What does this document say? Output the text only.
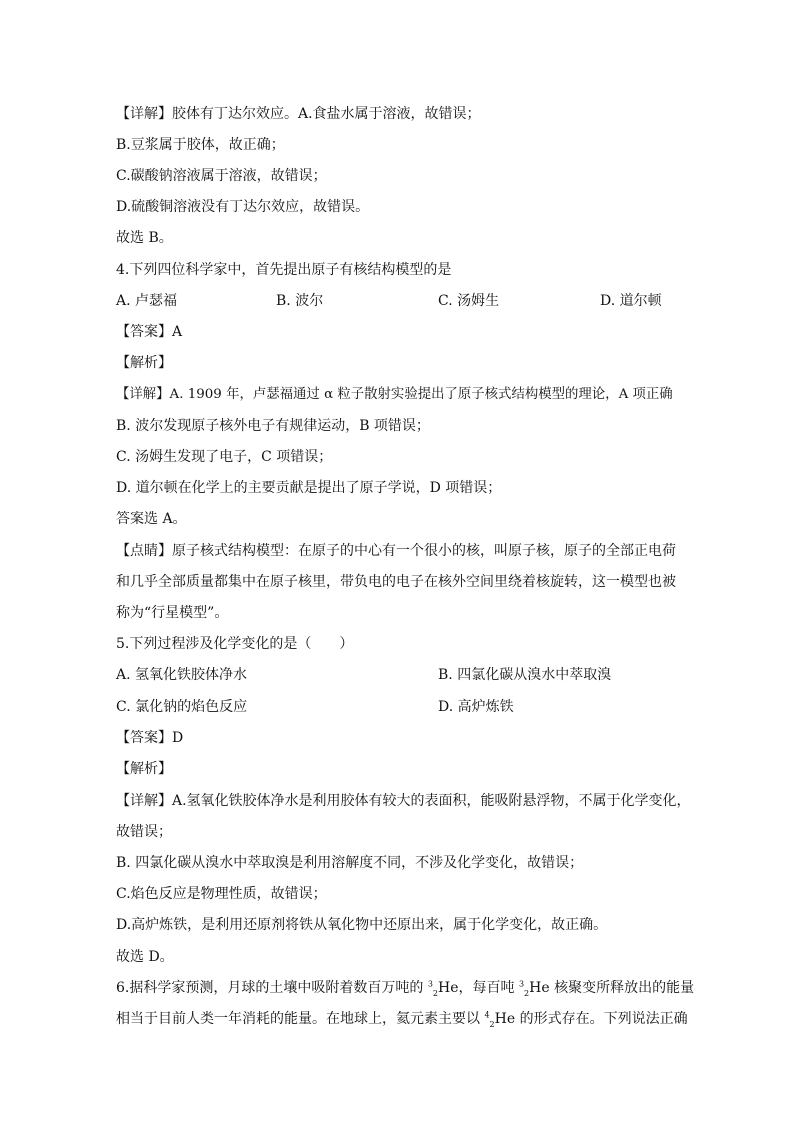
【详解】胶体有丁达尔效应。A.食盐水属于溶液，故错误；
B.豆浆属于胶体，故正确；
C.碳酸钠溶液属于溶液，故错误；
D.硫酸铜溶液没有丁达尔效应，故错误。
故选 B。
4.下列四位科学家中，首先提出原子有核结构模型的是
A. 卢瑟福	B. 波尔	C. 汤姆生	D. 道尔顿
【答案】A
【解析】
【详解】A. 1909 年，卢瑟福通过 α 粒子散射实验提出了原子核式结构模型的理论，A 项正确
B. 波尔发现原子核外电子有规律运动，B 项错误；
C. 汤姆生发现了电子，C 项错误；
D. 道尔顿在化学上的主要贡献是提出了原子学说，D 项错误；
答案选 A。
【点睛】原子核式结构模型：在原子的中心有一个很小的核，叫原子核，原子的全部正电荷
和几乎全部质量都集中在原子核里，带负电的电子在核外空间里绕着核旋转，这一模型也被
称为“行星模型”。
5.下列过程涉及化学变化的是（　　）
A. 氢氧化铁胶体净水	B. 四氯化碳从溴水中萃取溴
C. 氯化钠的焰色反应	D. 高炉炼铁
【答案】D
【解析】
【详解】A.氢氧化铁胶体净水是利用胶体有较大的表面积，能吸附悬浮物，不属于化学变化，
故错误；
B. 四氯化碳从溴水中萃取溴是利用溶解度不同，不涉及化学变化，故错误；
C.焰色反应是物理性质，故错误；
D.高炉炼铁，是利用还原剂将铁从氧化物中还原出来，属于化学变化，故正确。
故选 D。
6.据科学家预测，月球的土壤中吸附着数百万吨的 $^3_2$He，每百吨 $^3_2$He 核聚变所释放出的能量
相当于目前人类一年消耗的能量。在地球上，氦元素主要以 $^4_2$He 的形式存在。下列说法正确
